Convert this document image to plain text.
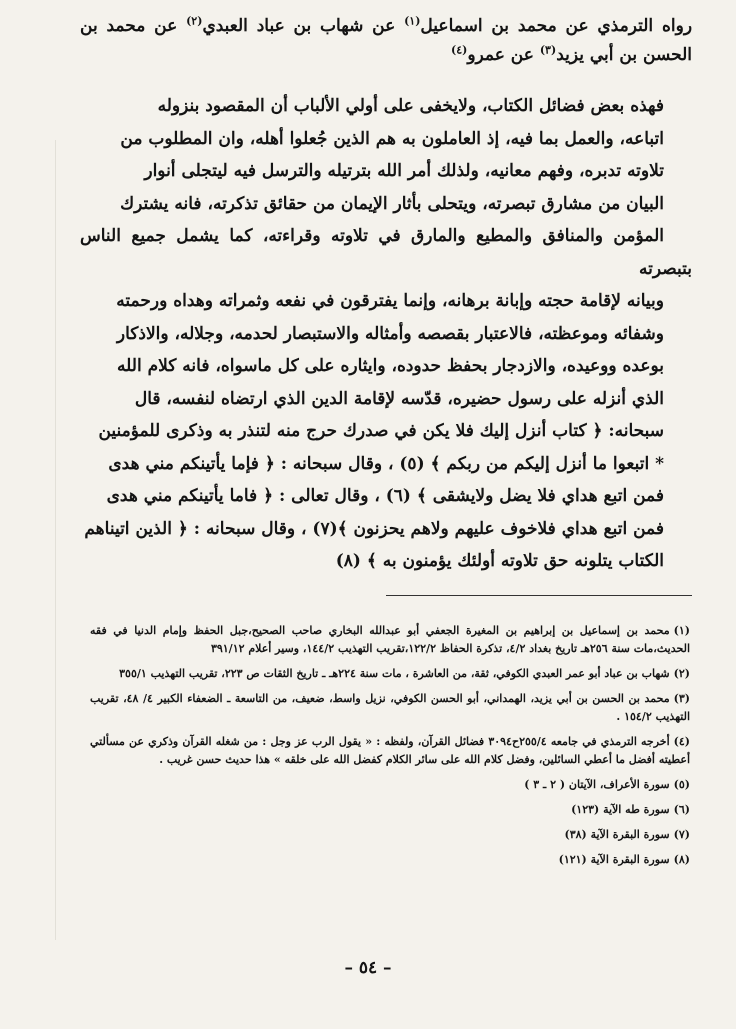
رواه الترمذي عن محمد بن اسماعيل$^{(١)}$ عن شهاب بن عباد العبدي$^{(٢)}$ عن محمد بن الحسن بن أبي يزيد$^{(٣)}$ عن عمرو$^{(٤)}$

فهذه بعض فضائل الكتاب، ولايخفى على أولي الألباب أن المقصود بنزوله
اتباعه، والعمل بما فيه، إذ العاملون به هم الذين جُعلوا أهله، وان المطلوب من
تلاوته تدبره، وفهم معانيه، ولذلك أمر الله بترتيله والترسل فيه ليتجلى أنوار
البيان من مشارق تبصرته، ويتحلى بأثار الإيمان من حقائق تذكرته، فانه يشترك
المؤمن والمنافق والمطيع والمارق في تلاوته وقراءته، كما يشمل جميع الناس بتبصرته
وبيانه لإقامة حجته وإبانة برهانه، وإنما يفترقون في نفعه وثمراته وهداه ورحمته
وشفائه وموعظته، فالاعتبار بقصصه وأمثاله والاستبصار لحدمه، وجلاله، والاذكار
بوعده ووعيده، والازدجار بحفظ حدوده، وايثاره على كل ماسواه، فانه كلام الله
الذي أنزله على رسول حضيره، قدّسه لإقامة الدين الذي ارتضاه لنفسه، قال
سبحانه: ﴿ كتاب أنزل إليك فلا يكن في صدرك حرج منه لتنذر به وذكرى للمؤمنين
* اتبعوا ما أنزل إليكم من ربكم ﴾ (٥) ، وقال سبحانه : ﴿ فإما يأتينكم مني هدى
فمن اتبع هداي فلا يضل ولايشقى ﴾ (٦) ، وقال تعالى : ﴿ فاما يأتينكم مني هدى
فمن اتبع هداي فلاخوف عليهم ولاهم يحزنون ﴾(٧) ، وقال سبحانه : ﴿ الذين اتيناهم
الكتاب يتلونه حق تلاوته أولئك يؤمنون به ﴾ (٨)
(١)محمد بن إسماعيل بن إبراهيم بن المغيرة الجعفي أبو عبدالله البخاري صاحب الصحيح،جبل الحفظ وإمام الدنيا في فقه الحديث،مات سنة ٢٥٦هـ تاريخ بغداد ٤/٢، تذكرة الحفاظ ١٢٢/٢،تقريب التهذيب ١٤٤/٢، وسير أعلام ٣٩١/١٢
(٢)شهاب بن عباد أبو عمر العبدي الكوفي، ثقة، من العاشرة ، مات سنة ٢٢٤هـ ـ تاريخ الثقات ص ٢٢٣، تقريب التهذيب ٣٥٥/١
(٣)محمد بن الحسن بن أبي يزيد، الهمداني، أبو الحسن الكوفي، نزيل واسط، ضعيف، من التاسعة ـ الضعفاء الكبير ٤/ ٤٨، تقريب التهذيب ١٥٤/٢ .
(٤)أخرجه الترمذي في جامعه ٢٥٥/٤ح٣٠٩٤ فضائل القرآن، ولفظه : « يقول الرب عز وجل : من شغله القرآن وذكري عن مسألتي أعطيته أفضل ما أعطي السائلين، وفضل كلام الله على سائر الكلام كفضل الله على خلقه » هذا حديث حسن غريب .
(٥)سورة الأعراف، الآيتان ( ٢ ـ ٣ )
(٦)سورة طه الآية (١٢٣)
(٧)سورة البقرة الآية (٣٨)
(٨)سورة البقرة الآية (١٢١)
– ٥٤ –
